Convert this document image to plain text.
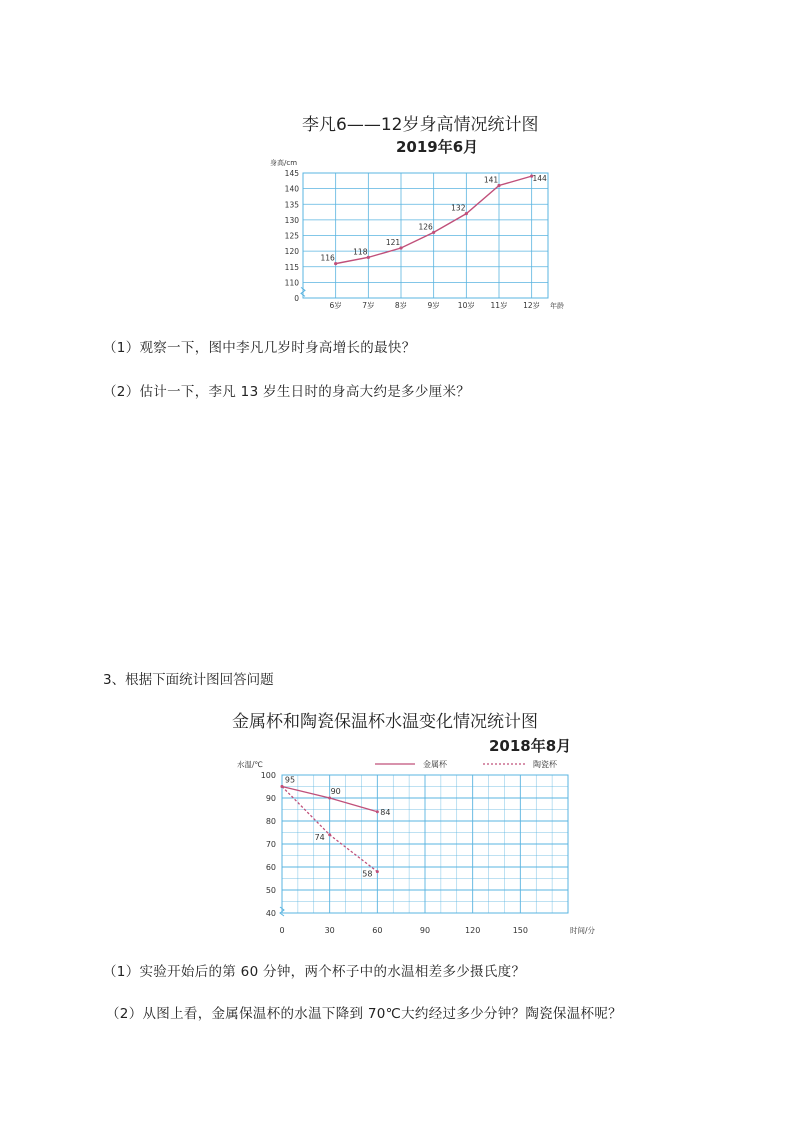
李凡6——12岁身高情况统计图
2019年6月
0
110
115
120
125
130
135
140
145
6岁	7岁	8岁	9岁 10岁 11岁 12岁
身高/cm
年龄
116
118
121
126
132
141	144
（1）观察一下，图中李凡几岁时身高增长的最快？
（2）估计一下，李凡 13 岁生日时的身高大约是多少厘米？
3、根据下面统计图回答问题
金属杯和陶瓷保温杯水温变化情况统计图
2018年8月
40
50
60
70
80
90
100
0	30	60	90	120	150
水温/℃
时间/分
金属杯	陶瓷杯
95
90
84
74
58
（1）实验开始后的第 60 分钟，两个杯子中的水温相差多少摄氏度？
（2）从图上看，金属保温杯的水温下降到 70℃大约经过多少分钟？陶瓷保温杯呢？
